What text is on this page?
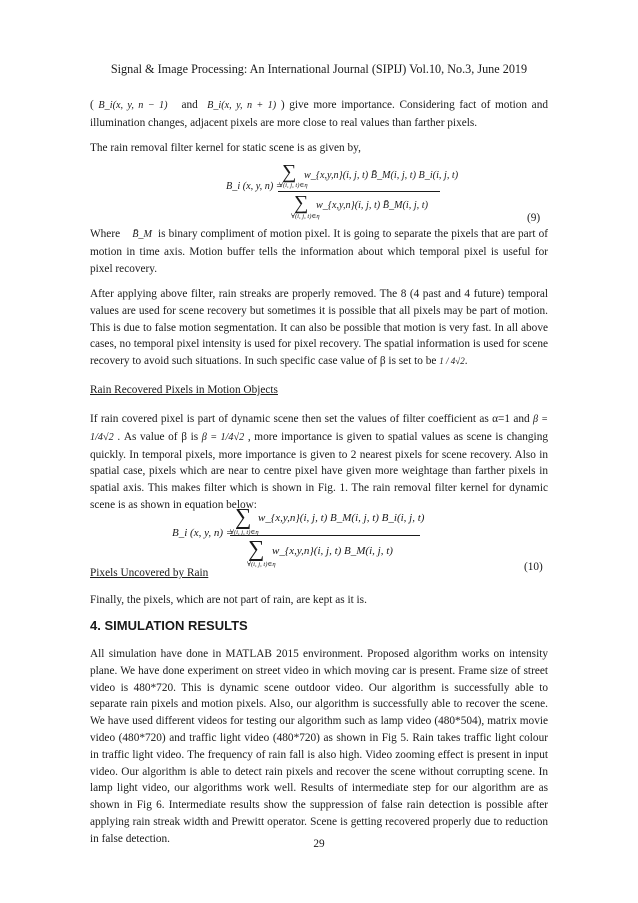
Signal & Image Processing: An International Journal (SIPIJ) Vol.10, No.3, June 2019

( B_i(x, y, n − 1) and B_i(x, y, n + 1) ) give more importance. Considering fact of motion and illumination changes, adjacent pixels are more close to real values than farther pixels.

The rain removal filter kernel for static scene is as given by,

B_i (x, y, n) =
∑
∀(i, j, t)∈η
w_{x,y,n}(i, j, t) B̄_M(i, j, t) B_i(i, j, t)
∑
∀(i, j, t)∈η
w_{x,y,n}(i, j, t) B̄_M(i, j, t)
(9)

Where B̄_M is binary compliment of motion pixel. It is going to separate the pixels that are part of motion in time axis. Motion buffer tells the information about which temporal pixel is useful for pixel recovery.

After applying above filter, rain streaks are properly removed. The 8 (4 past and 4 future) temporal values are used for scene recovery but sometimes it is possible that all pixels may be part of motion. This is due to false motion segmentation. It can also be possible that motion is very fast. In all above cases, no temporal pixel intensity is used for pixel recovery. The spatial information is used for scene recovery to avoid such situations. In such specific case value of β is set to be 1 / 4√2.

Rain Recovered Pixels in Motion Objects

If rain covered pixel is part of dynamic scene then set the values of filter coefficient as α=1 and β = 1/4√2 . As value of β is β = 1/4√2 , more importance is given to spatial values as scene is changing quickly. In temporal pixels, more importance is given to 2 nearest pixels for scene recovery. Also in spatial case, pixels which are near to centre pixel have given more weightage than farther pixels in spatial axis. This makes filter which is shown in Fig. 1. The rain removal filter kernel for dynamic scene is as shown in equation below:

B_i (x, y, n) =
∑
∀(i, j, t)∈η
w_{x,y,n}(i, j, t) B_M(i, j, t) B_i(i, j, t)
∑
∀(i, j, t)∈η
w_{x,y,n}(i, j, t) B_M(i, j, t)
(10)

Pixels Uncovered by Rain

Finally, the pixels, which are not part of rain, are kept as it is.

4. SIMULATION RESULTS

All simulation have done in MATLAB 2015 environment. Proposed algorithm works on intensity plane. We have done experiment on street video in which moving car is present. Frame size of street video is 480*720. This is dynamic scene outdoor video. Our algorithm is successfully able to separate rain pixels and motion pixels. Also, our algorithm is successfully able to recover the scene. We have used different videos for testing our algorithm such as lamp video (480*504), matrix movie video (480*720) and traffic light video (480*720) as shown in Fig 5. Rain takes traffic light colour in traffic light video. The frequency of rain fall is also high. Video zooming effect is present in input video. Our algorithm is able to detect rain pixels and recover the scene without corrupting scene. In lamp light video, our algorithms work well. Results of intermediate step for our algorithm are as shown in Fig 6. Intermediate results show the suppression of false rain detection is possible after applying rain streak width and Prewitt operator. Scene is getting recovered properly due to reduction in false detection.	29
